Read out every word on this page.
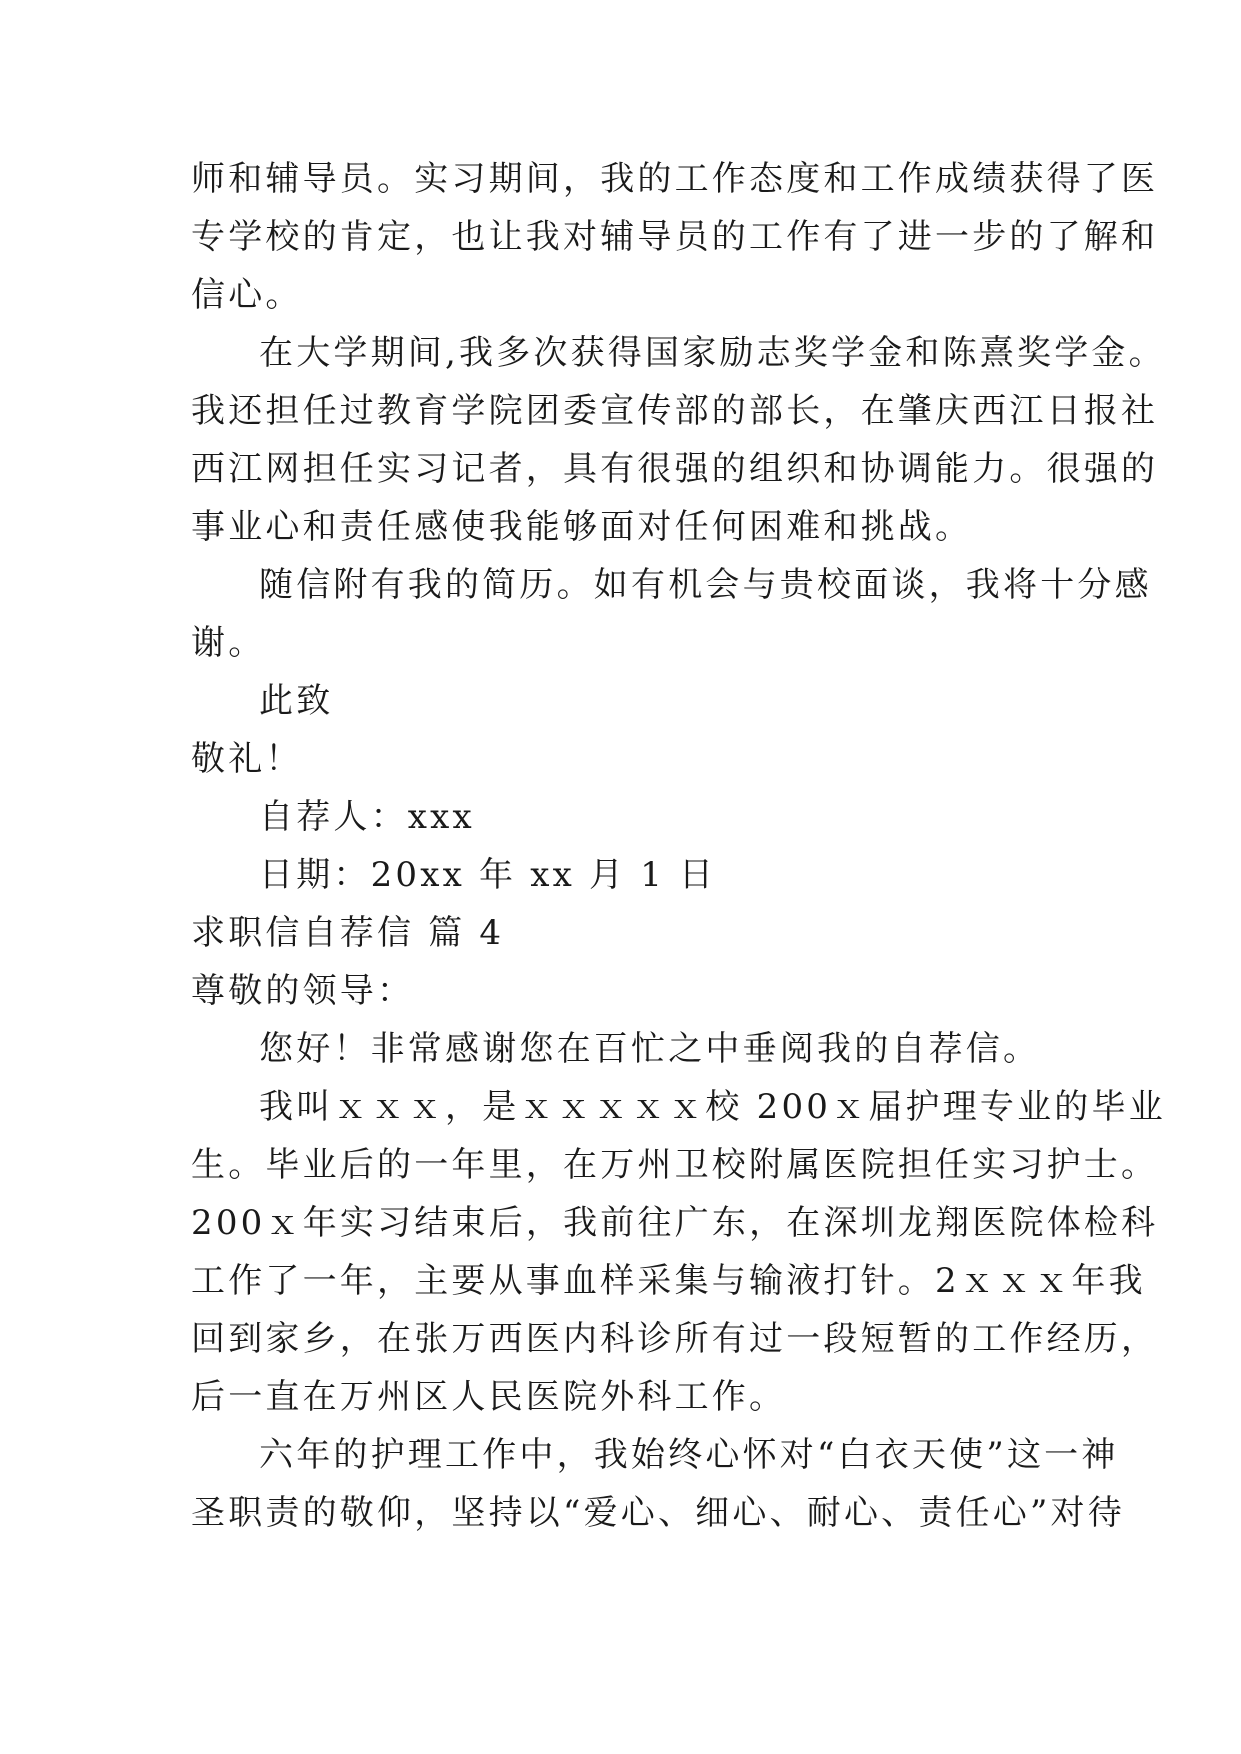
师和辅导员。实习期间，我的工作态度和工作成绩获得了医
专学校的肯定，也让我对辅导员的工作有了进一步的了解和
信心。
在大学期间,我多次获得国家励志奖学金和陈熹奖学金。
我还担任过教育学院团委宣传部的部长，在肇庆西江日报社
西江网担任实习记者，具有很强的组织和协调能力。很强的
事业心和责任感使我能够面对任何困难和挑战。
随信附有我的简历。如有机会与贵校面谈，我将十分感
谢。
此致
敬礼！
自荐人：xxx
日期：20xx 年 xx 月 1 日
求职信自荐信 篇 4
尊敬的领导：
您好！非常感谢您在百忙之中垂阅我的自荐信。
我叫ｘｘｘ，是ｘｘｘｘｘ校 200ｘ届护理专业的毕业
生。毕业后的一年里，在万州卫校附属医院担任实习护士。
200ｘ年实习结束后，我前往广东，在深圳龙翔医院体检科
工作了一年，主要从事血样采集与输液打针。2ｘｘｘ年我
回到家乡，在张万西医内科诊所有过一段短暂的工作经历，
后一直在万州区人民医院外科工作。
六年的护理工作中，我始终心怀对“白衣天使”这一神
圣职责的敬仰，坚持以“爱心、细心、耐心、责任心”对待
